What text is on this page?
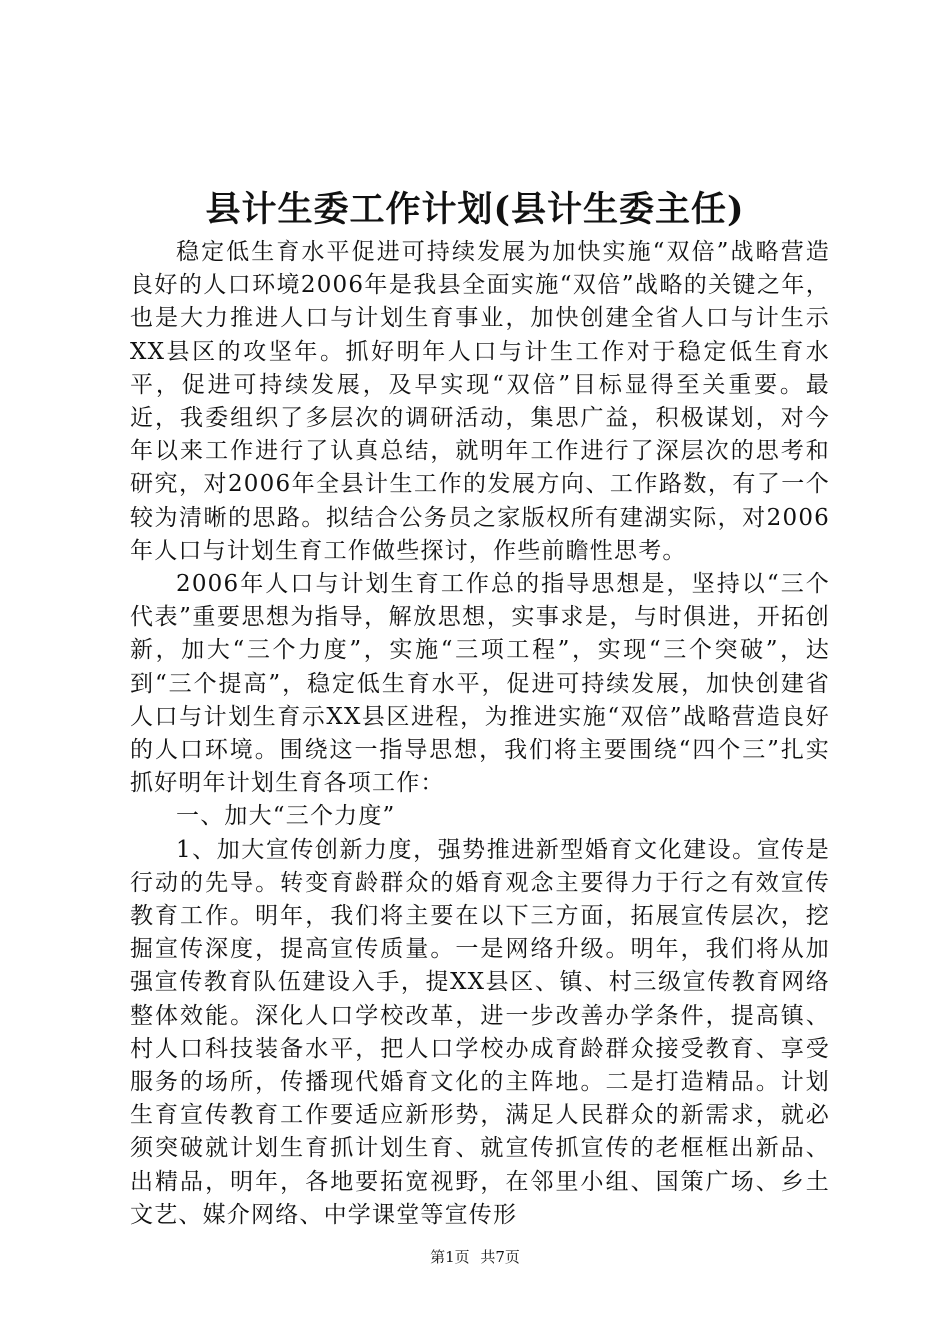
县计生委工作计划(县计生委主任)

稳定低生育水平促进可持续发展为加快实施“双倍”战略营造良好的人口环境2006年是我县全面实施“双倍”战略的关键之年，也是大力推进人口与计划生育事业，加快创建全省人口与计生示XX县区的攻坚年。抓好明年人口与计生工作对于稳定低生育水平，促进可持续发展，及早实现“双倍”目标显得至关重要。最近，我委组织了多层次的调研活动，集思广益，积极谋划，对今年以来工作进行了认真总结，就明年工作进行了深层次的思考和研究，对2006年全县计生工作的发展方向、工作路数，有了一个较为清晰的思路。拟结合公务员之家版权所有建湖实际，对2006年人口与计划生育工作做些探讨，作些前瞻性思考。

2006年人口与计划生育工作总的指导思想是，坚持以“三个代表”重要思想为指导，解放思想，实事求是，与时俱进，开拓创新，加大“三个力度”，实施“三项工程”，实现“三个突破”，达到“三个提高”，稳定低生育水平，促进可持续发展，加快创建省人口与计划生育示XX县区进程，为推进实施“双倍”战略营造良好的人口环境。围绕这一指导思想，我们将主要围绕“四个三”扎实抓好明年计划生育各项工作：

一、加大“三个力度”

1、加大宣传创新力度，强势推进新型婚育文化建设。宣传是行动的先导。转变育龄群众的婚育观念主要得力于行之有效宣传教育工作。明年，我们将主要在以下三方面，拓展宣传层次，挖掘宣传深度，提高宣传质量。一是网络升级。明年，我们将从加强宣传教育队伍建设入手，提XX县区、镇、村三级宣传教育网络整体效能。深化人口学校改革，进一步改善办学条件，提高镇、村人口科技装备水平，把人口学校办成育龄群众接受教育、享受服务的场所，传播现代婚育文化的主阵地。二是打造精品。计划生育宣传教育工作要适应新形势，满足人民群众的新需求，就必须突破就计划生育抓计划生育、就宣传抓宣传的老框框出新品、出精品，明年，各地要拓宽视野，在邻里小组、国策广场、乡土文艺、媒介网络、中学课堂等宣传形

第1页 共7页
